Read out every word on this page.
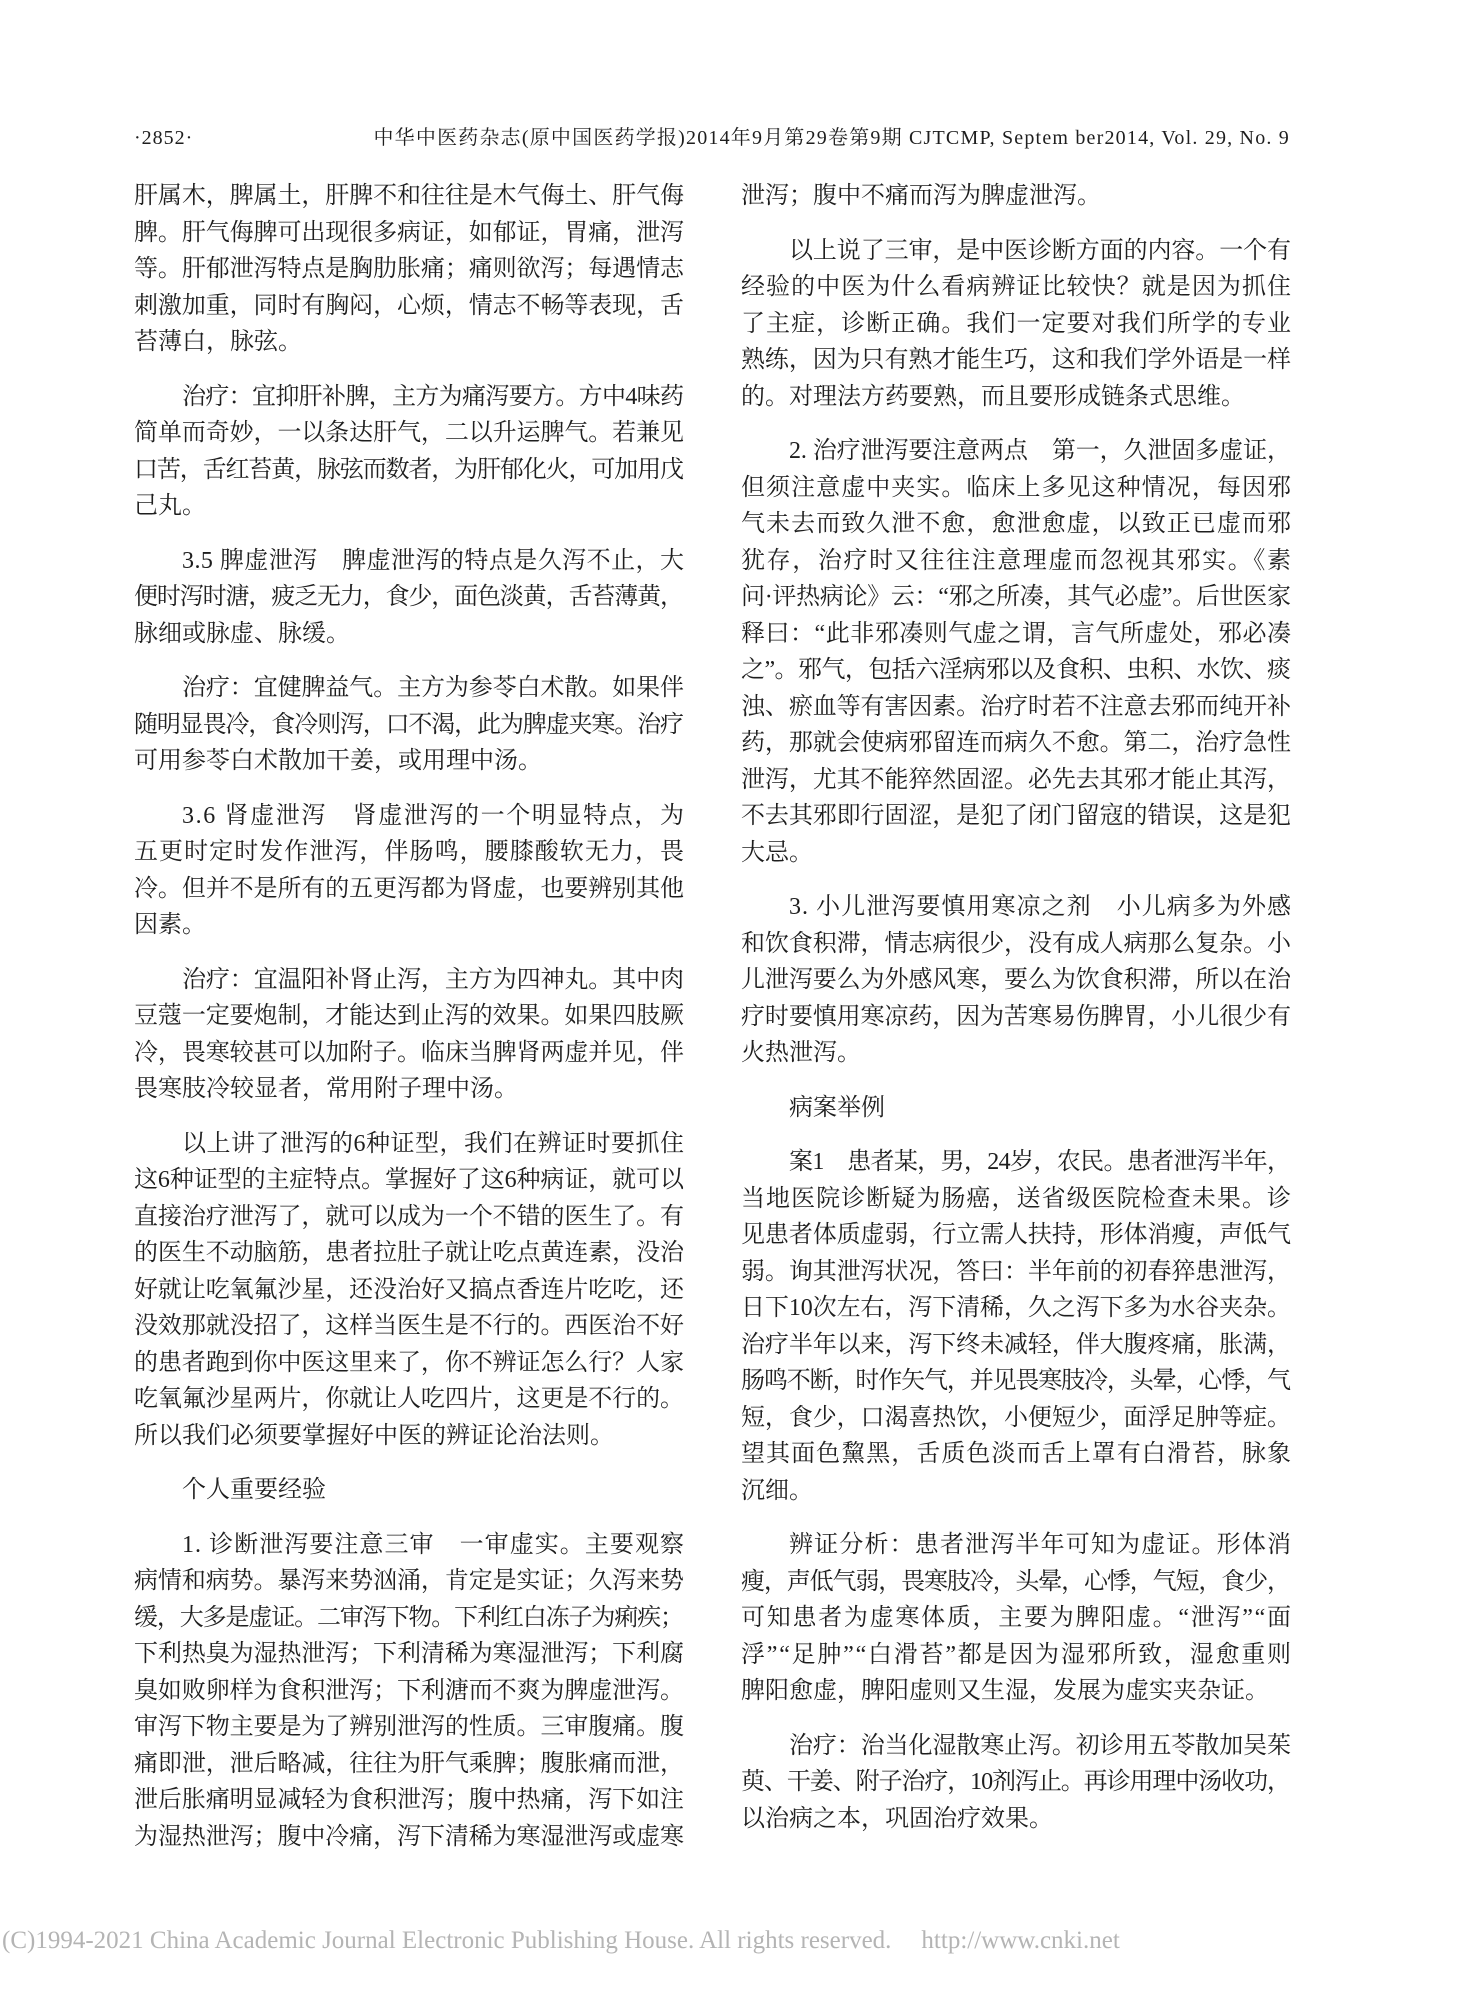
·2852·	中华中医药杂志(原中国医药学报)2014年9月第29卷第9期 CJTCMP, Septem ber2014, Vol. 29, No. 9
肝属木，脾属土，肝脾不和往往是木气侮土、肝气侮
脾。肝气侮脾可出现很多病证，如郁证，胃痛，泄泻
等。肝郁泄泻特点是胸肋胀痛；痛则欲泻；每遇情志
刺激加重，同时有胸闷，心烦，情志不畅等表现，舌
苔薄白，脉弦。
治疗：宜抑肝补脾，主方为痛泻要方。方中4味药
简单而奇妙，一以条达肝气，二以升运脾气。若兼见
口苦，舌红苔黄，脉弦而数者，为肝郁化火，可加用戊
己丸。
3.5 脾虚泄泻　脾虚泄泻的特点是久泻不止，大
便时泻时溏，疲乏无力，食少，面色淡黄，舌苔薄黄，
脉细或脉虚、脉缓。
治疗：宜健脾益气。主方为参苓白术散。如果伴
随明显畏冷，食冷则泻，口不渴，此为脾虚夹寒。治疗
可用参苓白术散加干姜，或用理中汤。
3.6 肾虚泄泻　肾虚泄泻的一个明显特点，为
五更时定时发作泄泻，伴肠鸣，腰膝酸软无力，畏
冷。但并不是所有的五更泻都为肾虚，也要辨别其他
因素。
治疗：宜温阳补肾止泻，主方为四神丸。其中肉
豆蔻一定要炮制，才能达到止泻的效果。如果四肢厥
冷，畏寒较甚可以加附子。临床当脾肾两虚并见，伴
畏寒肢冷较显者，常用附子理中汤。
以上讲了泄泻的6种证型，我们在辨证时要抓住
这6种证型的主症特点。掌握好了这6种病证，就可以
直接治疗泄泻了，就可以成为一个不错的医生了。有
的医生不动脑筋，患者拉肚子就让吃点黄连素，没治
好就让吃氧氟沙星，还没治好又搞点香连片吃吃，还
没效那就没招了，这样当医生是不行的。西医治不好
的患者跑到你中医这里来了，你不辨证怎么行？人家
吃氧氟沙星两片，你就让人吃四片，这更是不行的。
所以我们必须要掌握好中医的辨证论治法则。
个人重要经验
1. 诊断泄泻要注意三审　一审虚实。主要观察
病情和病势。暴泻来势汹涌，肯定是实证；久泻来势
缓，大多是虚证。二审泻下物。下利红白冻子为痢疾；
下利热臭为湿热泄泻；下利清稀为寒湿泄泻；下利腐
臭如败卵样为食积泄泻；下利溏而不爽为脾虚泄泻。
审泻下物主要是为了辨别泄泻的性质。三审腹痛。腹
痛即泄，泄后略减，往往为肝气乘脾；腹胀痛而泄，
泄后胀痛明显减轻为食积泄泻；腹中热痛，泻下如注
为湿热泄泻；腹中冷痛，泻下清稀为寒湿泄泻或虚寒
泄泻；腹中不痛而泻为脾虚泄泻。
以上说了三审，是中医诊断方面的内容。一个有
经验的中医为什么看病辨证比较快？就是因为抓住
了主症，诊断正确。我们一定要对我们所学的专业
熟练，因为只有熟才能生巧，这和我们学外语是一样
的。对理法方药要熟，而且要形成链条式思维。
2. 治疗泄泻要注意两点　第一，久泄固多虚证，
但须注意虚中夹实。临床上多见这种情况，每因邪
气未去而致久泄不愈，愈泄愈虚，以致正已虚而邪
犹存，治疗时又往往注意理虚而忽视其邪实。《素
问·评热病论》云：“邪之所凑，其气必虚”。后世医家
释曰：“此非邪凑则气虚之谓，言气所虚处，邪必凑
之”。邪气，包括六淫病邪以及食积、虫积、水饮、痰
浊、瘀血等有害因素。治疗时若不注意去邪而纯开补
药，那就会使病邪留连而病久不愈。第二，治疗急性
泄泻，尤其不能猝然固涩。必先去其邪才能止其泻，
不去其邪即行固涩，是犯了闭门留寇的错误，这是犯
大忌。
3. 小儿泄泻要慎用寒凉之剂　小儿病多为外感
和饮食积滞，情志病很少，没有成人病那么复杂。小
儿泄泻要么为外感风寒，要么为饮食积滞，所以在治
疗时要慎用寒凉药，因为苦寒易伤脾胃，小儿很少有
火热泄泻。
病案举例
案1　患者某，男，24岁，农民。患者泄泻半年，
当地医院诊断疑为肠癌，送省级医院检查未果。诊
见患者体质虚弱，行立需人扶持，形体消瘦，声低气
弱。询其泄泻状况，答曰：半年前的初春猝患泄泻，
日下10次左右，泻下清稀，久之泻下多为水谷夹杂。
治疗半年以来，泻下终未减轻，伴大腹疼痛，胀满，
肠鸣不断，时作矢气，并见畏寒肢冷，头晕，心悸，气
短，食少，口渴喜热饮，小便短少，面浮足肿等症。
望其面色黧黑，舌质色淡而舌上罩有白滑苔，脉象
沉细。
辨证分析：患者泄泻半年可知为虚证。形体消
瘦，声低气弱，畏寒肢冷，头晕，心悸，气短，食少，
可知患者为虚寒体质，主要为脾阳虚。“泄泻”“面
浮”“足肿”“白滑苔”都是因为湿邪所致，湿愈重则
脾阳愈虚，脾阳虚则又生湿，发展为虚实夹杂证。
治疗：治当化湿散寒止泻。初诊用五苓散加吴茱
萸、干姜、附子治疗，10剂泻止。再诊用理中汤收功，
以治病之本，巩固治疗效果。
(C)1994-2021 China Academic Journal Electronic Publishing House. All rights reserved. http://www.cnki.net
